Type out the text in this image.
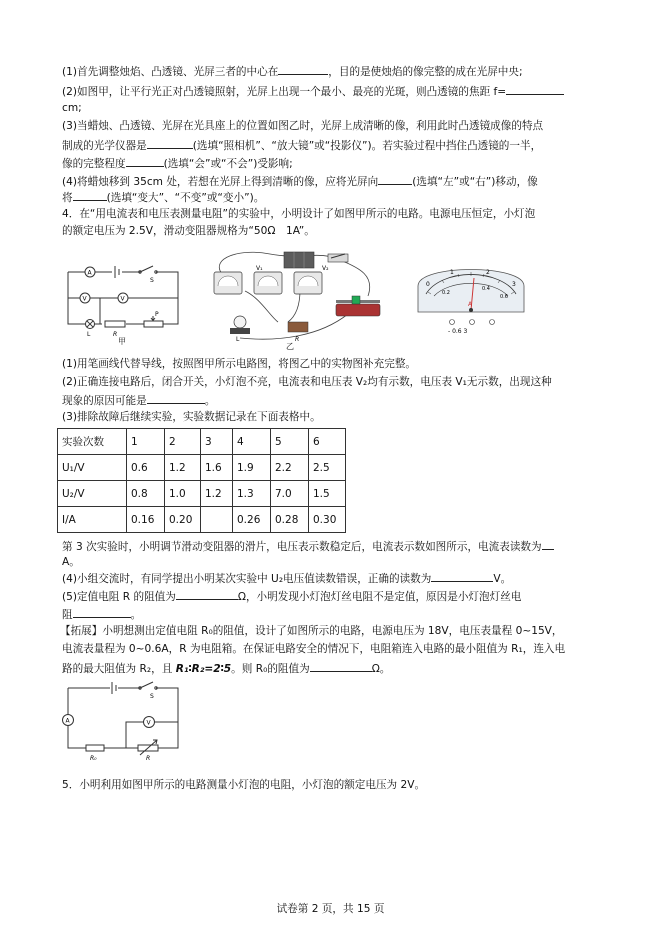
(1)首先调整烛焰、凸透镜、光屏三者的中心在	，目的是使烛焰的像完整的成在光屏中央;
(2)如图甲，让平行光正对凸透镜照射，光屏上出现一个最小、最亮的光斑，则凸透镜的焦距 f=
cm;
(3)当蜡烛、凸透镜、光屏在光具座上的位置如图乙时，光屏上成清晰的像，利用此时凸透镜成像的特点
制成的光学仪器是	(选填“照相机”、“放大镜”或“投影仪”)。若实验过程中挡住凸透镜的一半，
像的完整程度	(选填“会”或“不会”)受影响;
(4)将蜡烛移到 35cm 处，若想在光屏上得到清晰的像，应将光屏向	(选填“左”或“右”)移动，像
将	(选填“变大”、“不变”或“变小”)。
4．在“用电流表和电压表测量电阻”的实验中，小明设计了如图甲所示的电路。电源电压恒定，小灯泡
的额定电压为 2.5V，滑动变阻器规格为“50Ω　1A”。
A
V	V
S
L	R
P
甲
V₁	V₂
L	R
乙
0
1	2
3
0.2
0.4
0.6
A
- 0.6 3
(1)用笔画线代替导线，按照图甲所示电路图，将图乙中的实物图补充完整。
(2)正确连接电路后，闭合开关，小灯泡不亮，电流表和电压表 V₂均有示数，电压表 V₁无示数，出现这种
现象的原因可能是	。
(3)排除故障后继续实验，实验数据记录在下面表格中。
实验次数	1	2	3	4	5	6
U₁/V	0.6	1.2	1.6	1.9	2.2	2.5
U₂/V	0.8	1.0	1.2	1.3	7.0	1.5
I/A	0.16	0.20		0.26	0.28	0.30
第 3 次实验时，小明调节滑动变阻器的滑片，电压表示数稳定后，电流表示数如图所示，电流表读数为
A。
(4)小组交流时，有同学提出小明某次实验中 U₂电压值读数错误，正确的读数为	V。
(5)定值电阻 R 的阻值为	Ω，小明发现小灯泡灯丝电阻不是定值，原因是小灯泡灯丝电
阻	。
【拓展】小明想测出定值电阻 R₀的阻值，设计了如图所示的电路，电源电压为 18V，电压表量程 0~15V，
电流表量程为 0~0.6A，R 为电阻箱。在保证电路安全的情况下，电阻箱连入电路的最小阻值为 R₁，连入电
路的最大阻值为 R₂，且 R₁∶R₂=2∶5。则 R₀的阻值为	Ω。
A	V
S
R₀	R
5．小明利用如图甲所示的电路测量小灯泡的电阻，小灯泡的额定电压为 2V。
试卷第 2 页，共 15 页
